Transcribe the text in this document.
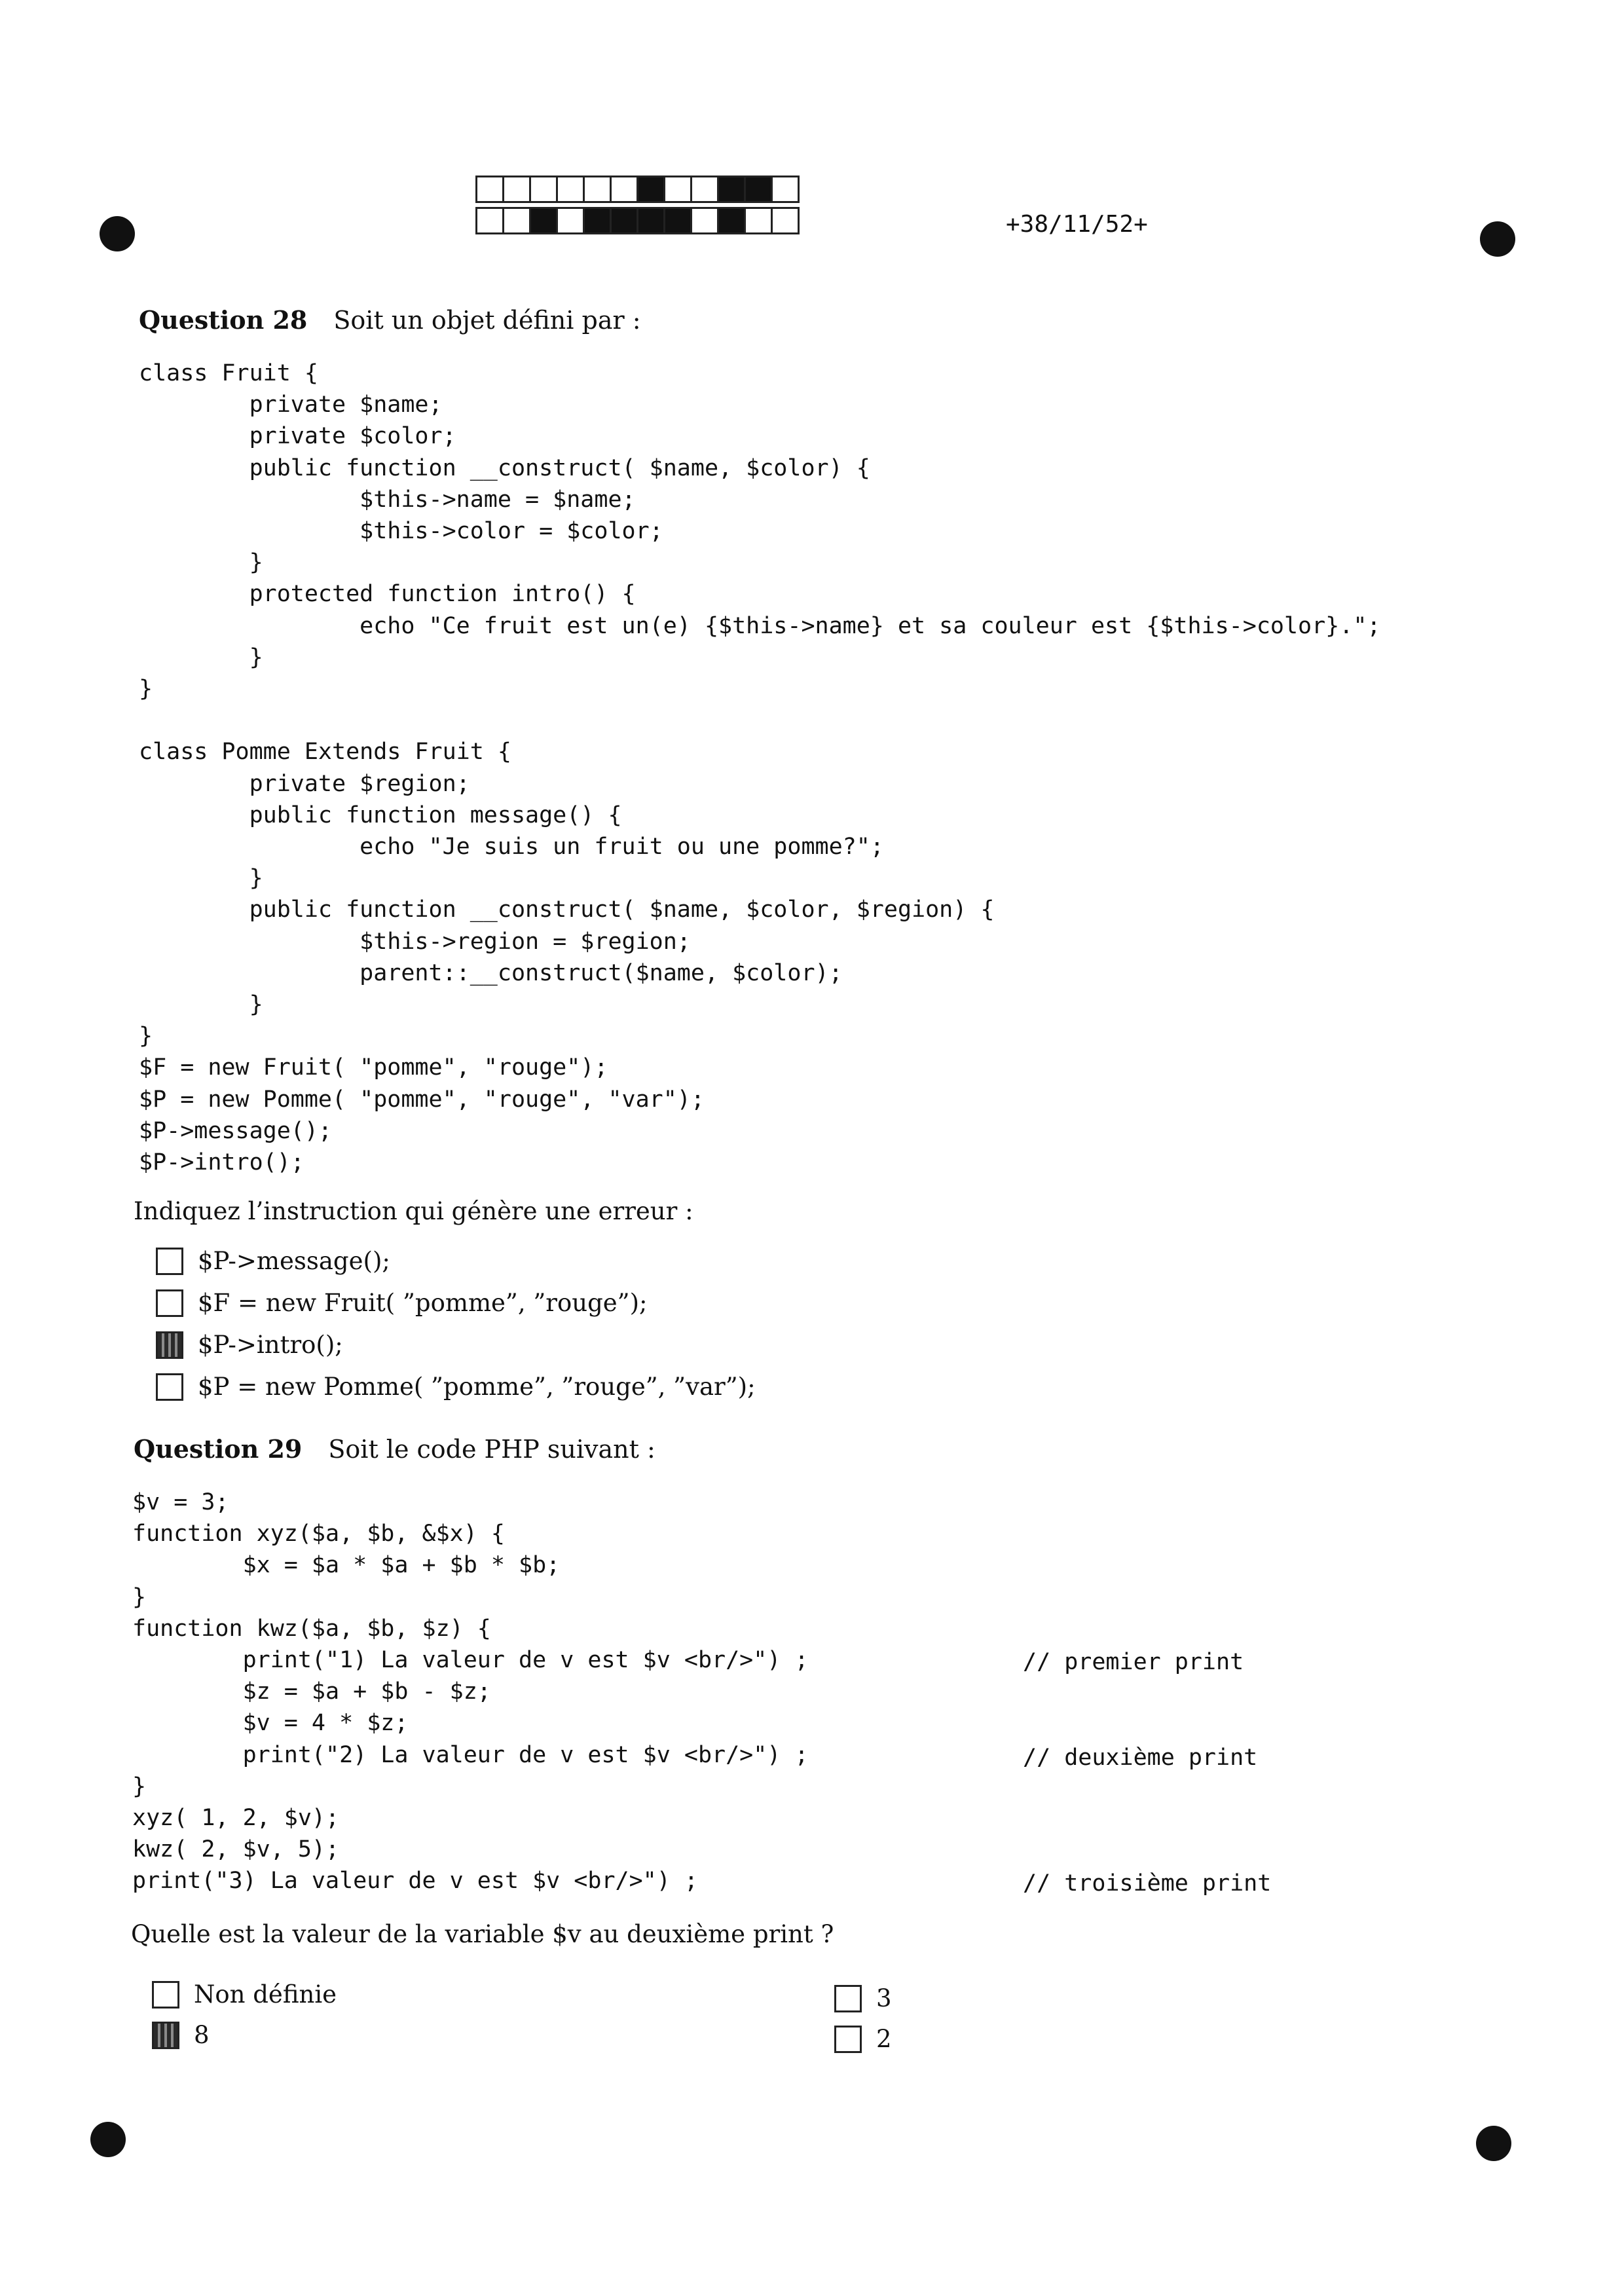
+38/11/52+
Question 28 Soit un objet défini par :
class Fruit {
private $name;
private $color;
public function __construct( $name, $color) {
$this->name = $name;
$this->color = $color;
}
protected function intro() {
echo "Ce fruit est un(e) {$this->name} et sa couleur est {$this->color}.";
}
}

class Pomme Extends Fruit {
private $region;
public function message() {
echo "Je suis un fruit ou une pomme?";
}
public function __construct( $name, $color, $region) {
$this->region = $region;
parent::__construct($name, $color);
}
}
$F = new Fruit( "pomme", "rouge");
$P = new Pomme( "pomme", "rouge", "var");
$P->message();
$P->intro();
Indiquez l’instruction qui génère une erreur :
$P->message();
$F = new Fruit( ”pomme”, ”rouge”);
$P->intro();
$P = new Pomme( ”pomme”, ”rouge”, ”var”);
Question 29 Soit le code PHP suivant :
$v = 3;
function xyz($a, $b, &$x) {
$x = $a * $a + $b * $b;
}
function kwz($a, $b, $z) {
print("1) La valeur de v est $v <br/>") ;
$z = $a + $b - $z;
$v = 4 * $z;
print("2) La valeur de v est $v <br/>") ;
}
xyz( 1, 2, $v);
kwz( 2, $v, 5);
print("3) La valeur de v est $v <br/>") ;
// premier print
// deuxième print
// troisième print
Quelle est la valeur de la variable $v au deuxième print ?
Non définie
8
3
2
